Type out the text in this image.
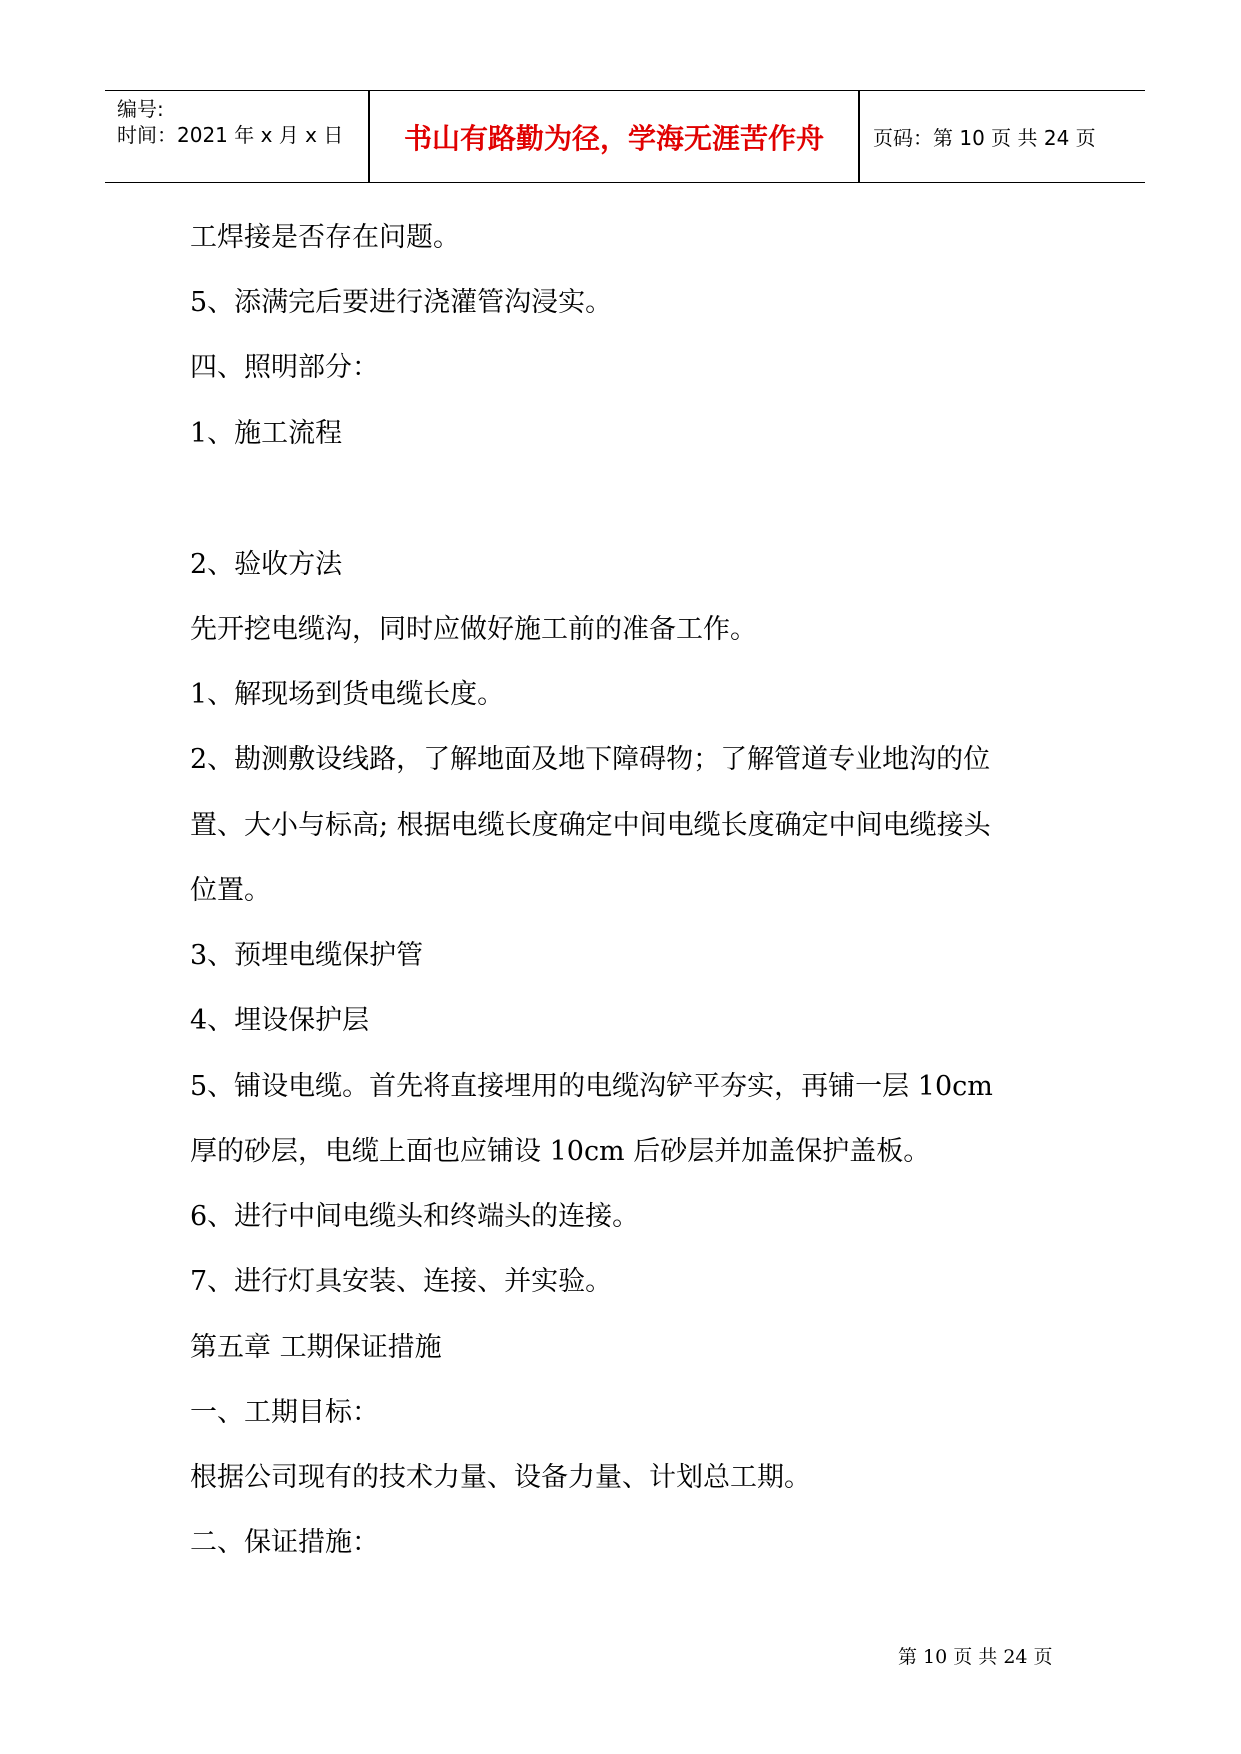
编号:
时间：2021 年 x 月 x 日	书山有路勤为径，学海无涯苦作舟	页码：第 10 页 共 24 页
工焊接是否存在问题。
5、添满完后要进行浇灌管沟浸实。
四、照明部分：
1、施工流程
2、验收方法
先开挖电缆沟，同时应做好施工前的准备工作。
1、解现场到货电缆长度。
2、勘测敷设线路，了解地面及地下障碍物；了解管道专业地沟的位
置、大小与标高; 根据电缆长度确定中间电缆长度确定中间电缆接头
位置。
3、预埋电缆保护管
4、埋设保护层
5、铺设电缆。首先将直接埋用的电缆沟铲平夯实，再铺一层 10cm
厚的砂层，电缆上面也应铺设 10cm 后砂层并加盖保护盖板。
6、进行中间电缆头和终端头的连接。
7、进行灯具安装、连接、并实验。
第五章 工期保证措施
一、工期目标：
根据公司现有的技术力量、设备力量、计划总工期。
二、保证措施：
第 10 页 共 24 页
